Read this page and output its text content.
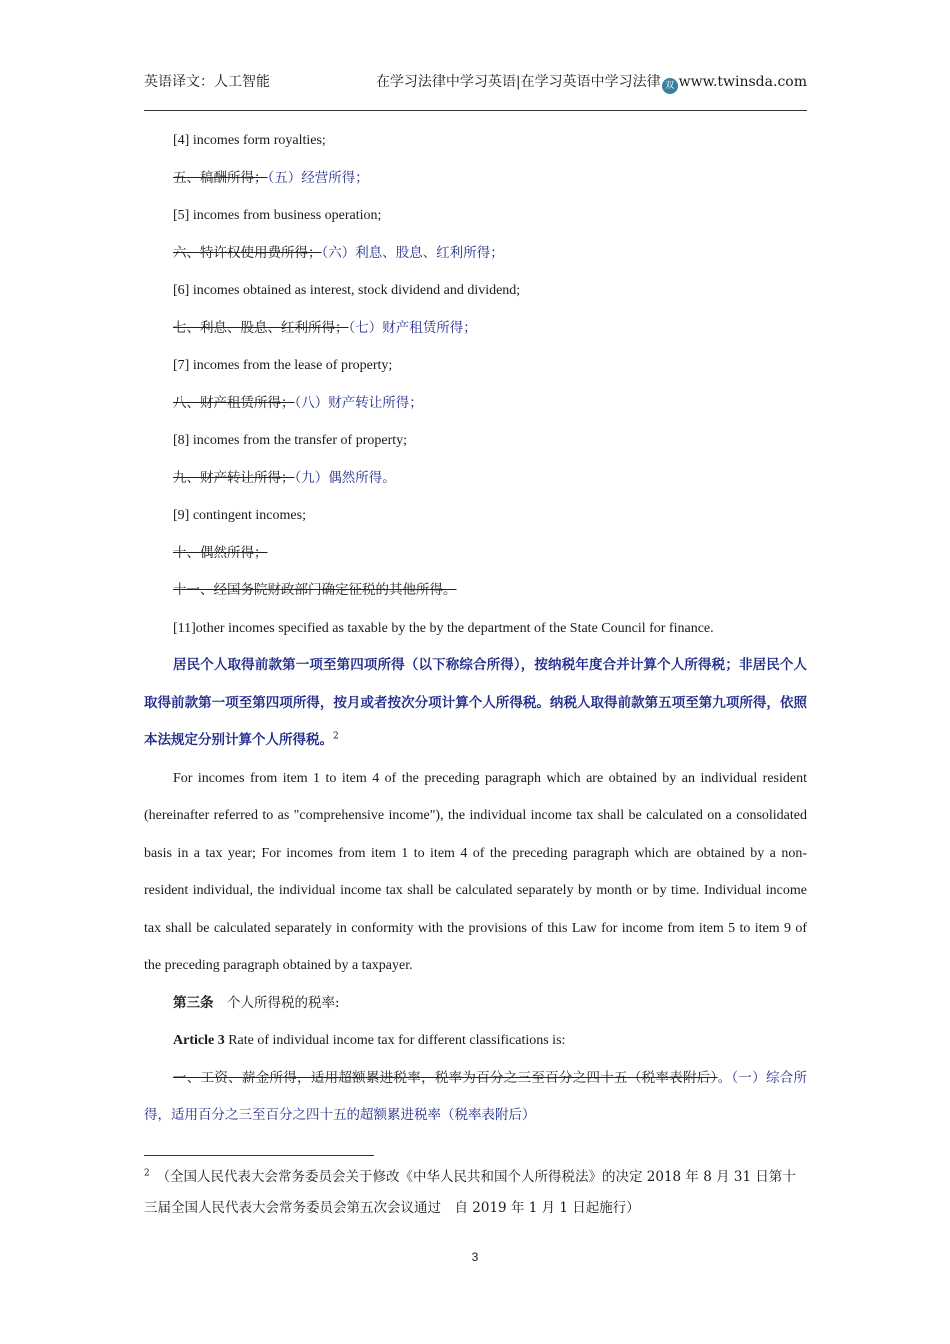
英语译文：人工智能	在学习法律中学习英语|在学习英语中学习法律 双 www.twinsda.com

[4] incomes form royalties;

五、稿酬所得；（五）经营所得；

[5] incomes from business operation;

六、特许权使用费所得；（六）利息、股息、红利所得；

[6] incomes obtained as interest, stock dividend and dividend;

七、利息、股息、红利所得；（七）财产租赁所得；

[7] incomes from the lease of property;

八、财产租赁所得；（八）财产转让所得；

[8] incomes from the transfer of property;

九、财产转让所得；（九）偶然所得。

[9] contingent incomes;

十、偶然所得；

十一、经国务院财政部门确定征税的其他所得。

[11]other incomes specified as taxable by the by the department of the State Council for finance.

居民个人取得前款第一项至第四项所得（以下称综合所得），按纳税年度合并计算个人所得税；非居民个人取得前款第一项至第四项所得，按月或者按次分项计算个人所得税。纳税人取得前款第五项至第九项所得，依照本法规定分别计算个人所得税。$^2$

For incomes from item 1 to item 4 of the preceding paragraph which are obtained by an individual resident (hereinafter referred to as "comprehensive income"), the individual income tax shall be calculated on a consolidated basis in a tax year; For incomes from item 1 to item 4 of the preceding paragraph which are obtained by a non-resident individual, the individual income tax shall be calculated separately by month or by time. Individual income tax shall be calculated separately in conformity with the provisions of this Law for income from item 5 to item 9 of the preceding paragraph obtained by a taxpayer.

第三条　 个人所得税的税率:

Article 3 Rate of individual income tax for different classifications is:

一、工资、薪金所得，适用超额累进税率，税率为百分之三至百分之四十五（税率表附后）。（一）综合所得，适用百分之三至百分之四十五的超额累进税率（税率表附后）

$^2$　 （全国人民代表大会常务委员会关于修改《中华人民共和国个人所得税法》的决定 2018 年 8 月 31 日第十三届全国人民代表大会常务委员会第五次会议通过　自 2019 年 1 月 1 日起施行）
3
